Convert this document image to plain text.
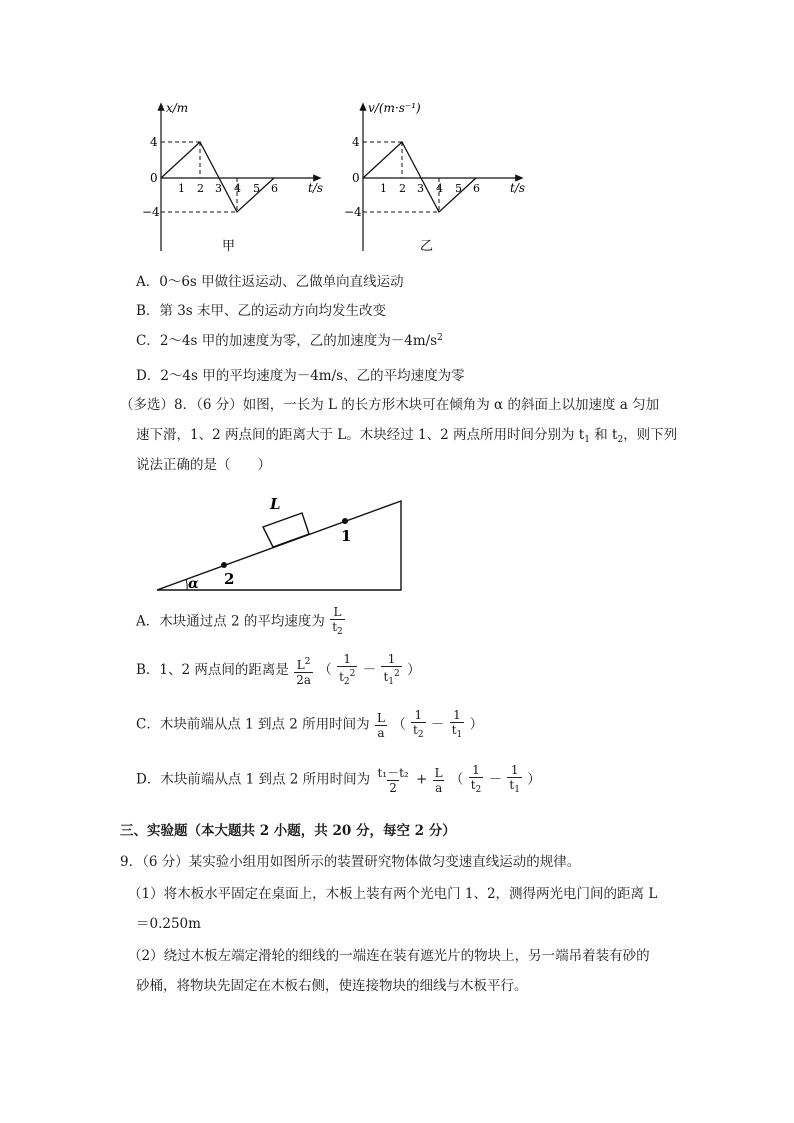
x/m
4
0
−4
1 2 3 4 5 6	t/s
甲
v/(m·s⁻¹)
4
0
−4
1 2 3 4 5 6	t/s
乙
A．0～6s 甲做往返运动、乙做单向直线运动
B．第 3s 末甲、乙的运动方向均发生改变
C．2～4s 甲的加速度为零，乙的加速度为$-4m/s^2$
D．2～4s 甲的平均速度为－4m/s、乙的平均速度为零
（多选）8．（6 分）如图，一长为 L 的长方形木块可在倾角为 α 的斜面上以加速度 a 匀加
速下滑，1、2 两点间的距离大于 L。木块经过 1、2 两点所用时间分别为 $t_1$ 和 $t_2$，则下列
说法正确的是（　　）
L
1
2
α
A．木块通过点 2 的平均速度为 $\frac{L}{t_2}$
B．1、2 两点间的距离是 $\frac{L^2}{2a}$ （ $\frac{1}{t_2^2} - \frac{1}{t_1^2}$ ）
C．木块前端从点 1 到点 2 所用时间为 $\frac{L}{a}$ （ $\frac{1}{t_2} - \frac{1}{t_1}$ ）
D．木块前端从点 1 到点 2 所用时间为 $\frac{\text{t₁－t₂}}{2} + \frac{L}{a}$ （ $\frac{1}{t_2} - \frac{1}{t_1}$ ）
三、实验题（本大题共 2 小题，共 20 分，每空 2 分）
9．（6 分）某实验小组用如图所示的装置研究物体做匀变速直线运动的规律。
（1）将木板水平固定在桌面上，木板上装有两个光电门 1、2，测得两光电门间的距离 L
＝0.250m
（2）绕过木板左端定滑轮的细线的一端连在装有遮光片的物块上，另一端吊着装有砂的
砂桶，将物块先固定在木板右侧，使连接物块的细线与木板平行。
